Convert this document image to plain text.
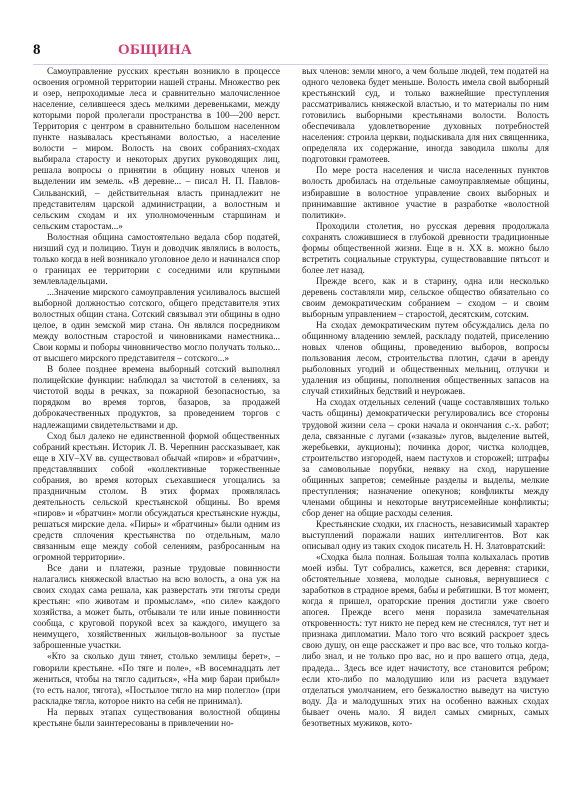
8	ОБЩИНА

Самоуправление русских крестьян возникло в процессе освоения огромной территории нашей страны. Множество рек и озер, непроходимые леса и сравнительно малочисленное население, селившееся здесь мелкими деревеньками, между которыми порой пролегали пространства в 100—200 верст. Территория с центром в сравнительно большом населенном пункте называлась крестьянами волостью, а население волости – миром. Волость на своих собраниях-сходах выбирала старосту и некоторых других руководящих лиц, решала вопросы о принятии в общину новых членов и выделении им земель. «В деревне... – писал Н. П. Павлов-Сильванский, – действительная власть принадлежит не представителям царской администрации, а волостным и сельским сходам и их уполномоченным старшинам и сельским старостам...»

Волостная община самостоятельно ведала сбор податей, низший суд и полицию. Тиун и доводчик являлись в волость, только когда в ней возникало уголовное дело и начинался спор о границах ее территории с соседними или крупными землевладельцами.

...Значение мирского самоуправления усиливалось высшей выборной должностью сотского, общего представителя этих волостных общин стана. Сотский связывал эти общины в одно целое, в один земской мир стана. Он являлся посредником между волостным старостой и чиновниками наместника... Свои кормы и поборы чиновничество могло получать только... от высшего мирского представителя – сотского...»

В более позднее времена выборный сотский выполнял полицейские функции: наблюдал за чистотой в селениях, за чистотой воды в речках, за пожарной безопасностью, за порядком во время торгов, базаров, за продажей доброкачественных продуктов, за проведением торгов с надлежащими свидетельствами и др.

Сход был далеко не единственной формой общественных собраний крестьян. Историк Л. В. Черепнин рассказывает, как еще в XIV–XV вв. существовал обычай «пиров» и «братчин», представлявших собой «коллективные торжественные собрания, во время которых съехавшиеся угощались за праздничным столом. В этих формах проявлялась деятельность сельской крестьянской общины. Во время «пиров» и «братчин» могли обсуждаться крестьянские нужды, решаться мирские дела. «Пиры» и «братчины» были одним из средств сплочения крестьянства по отдельным, мало связанным еще между собой селениям, разбросанным на огромной территории».

Все дани и платежи, разные трудовые повинности налагались княжеской властью на всю волость, а она уж на своих сходах сама решала, как разверстать эти тяготы среди крестьян: «по животам и промыслам», «по силе» каждого хозяйства, а может быть, отбывали те или иные повинности сообща, с круговой порукой всех за каждого, имущего за неимущего, хозяйственных жильцов-вольноог за пустые заброшенные участки.

«Кто за сколько душ тянет, столько землицы берет», – говорили крестьяне. «По тяге и поле», «В восемнадцать лет жениться, чтобы на тягло садиться», «На мир бараи прибыл» (то есть налог, тягота), «Постылое тягло на мир полегло» (при раскладке тягла, которое никто на себя не принимал).

На первых этапах существования волостной общины крестьяне были заинтересованы в привлечении но-

вых членов: земли много, а чем больше людей, тем податей на одного человека будет меньше. Волость имела свой выборный крестьянский суд, и только важнейшие преступления рассматривались княжеской властью, и то материалы по ним готовились выборными крестьянами волости. Волость обеспечивала удовлетворение духовных потребностей населения: строила церкви, подыскивала для них священника, определяла их содержание, иногда заводила школы для подготовки грамотеев.

По мере роста населения и числа населенных пунктов волость дробилась на отдельные самоуправляемые общины, избиравшие в волостное управление своих выборных и принимавшие активное участие в разработке «волостной политики».

Проходили столетия, но русская деревня продолжала сохранять сложившиеся в глубокой древности традиционные формы общественной жизни. Еще в н. XX в. можно было встретить социальные структуры, существовавшие пятьсот и более лет назад.

Прежде всего, как и в старину, одна или несколько деревень составляли мир, сельское общество обязательно со своим демократическим собранием – сходом – и своим выборным управлением – старостой, десятским, сотским.

На сходах демократическим путем обсуждались дела по общинному владению землей, раскладу податей, приселению новых членов общины, проведению выборов, вопросы пользования лесом, строительства плотин, сдачи в аренду рыболовных угодий и общественных мельниц, отлучки и удаления из общины, пополнения общественных запасов на случай стихийных бедствий и неурожаев.

На сходах отдельных селений (чаще составлявших только часть общины) демократически регулировались все стороны трудовой жизни села – сроки начала и окончания с.-х. работ; дела, связанные с лугами («заказы» лугов, выделение вытей, жеребьевки, аукционы); починка дорог, чистка колодцев, строительство изгородей, наем пастухов и сторожей; штрафы за самовольные порубки, неявку на сход, нарушение общинных запретов; семейные разделы и выделы, мелкие преступления; назначение опекунов; конфликты между членами общины и некоторые внутрисемейные конфликты; сбор денег на общие расходы селения.

Крестьянские сходки, их гласность, независимый характер выступлений поражали наших интеллигентов. Вот как описывал одну из таких сходок писатель Н. Н. Златовратский:

«Сходка была полная. Большая толпа колыхалась против моей избы. Тут собрались, кажется, вся деревня: старики, обстоятельные хозяева, молодые сыновья, вернувшиеся с заработков в страдное время, бабы и ребятишки. В тот момент, когда я пришел, ораторские прения достигли уже своего апогея. Прежде всего меня поразила замечательная откровенность: тут никто не перед кем не стеснялся, тут нет и признака дипломатии. Мало того что всякий раскроет здесь свою душу, он еще расскажет и про вас все, что только когда-либо знал, и не только про вас, но и про вашего отца, деда, прадеда... Здесь все идет начистоту, все становится ребром; если кто-либо по малодушию или из расчета вздумает отделаться умолчанием, его безжалостно выведут на чистую воду. Да и малодушных этих на особенно важных сходах бывает очень мало. Я видел самых смирных, самых безответных мужиков, кото-
